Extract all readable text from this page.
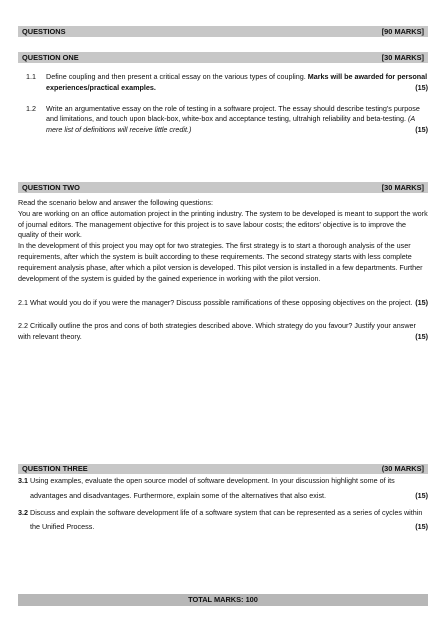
QUESTIONS	[90 MARKS]
QUESTION ONE	[30 MARKS]
1.1 Define coupling and then present a critical essay on the various types of coupling. Marks will be awarded for personal experiences/practical examples.	(15)
1.2 Write an argumentative essay on the role of testing in a software project. The essay should describe testing's purpose and limitations, and touch upon black-box, white-box and acceptance testing, ultrahigh reliability and beta-testing. (A mere list of definitions will receive little credit.)	(15)
QUESTION TWO	[30 MARKS]

Read the scenario below and answer the following questions:

You are working on an office automation project in the printing industry. The system to be developed is meant to support the work of journal editors. The management objective for this project is to save labour costs; the editors' objective is to improve the quality of their work.

In the development of this project you may opt for two strategies. The first strategy is to start a thorough analysis of the user requirements, after which the system is built according to these requirements. The second strategy starts with less complete requirement analysis phase, after which a pilot version is developed. This pilot version is installed in a few departments. Further development of the system is guided by the gained experience in working with the pilot version.

2.1 What would you do if you were the manager? Discuss possible ramifications of these opposing objectives on the project. (15)
2.2 Critically outline the pros and cons of both strategies described above. Which strategy do you favour? Justify your answer with relevant theory.	(15)
QUESTION THREE	(30 MARKS]
3.1 Using examples, evaluate the open source model of software development. In your discussion highlight some of its advantages and disadvantages. Furthermore, explain some of the alternatives that also exist.	(15)
3.2 Discuss and explain the software development life of a software system that can be represented as a series of cycles within the Unified Process.	(15)
TOTAL MARKS: 100
